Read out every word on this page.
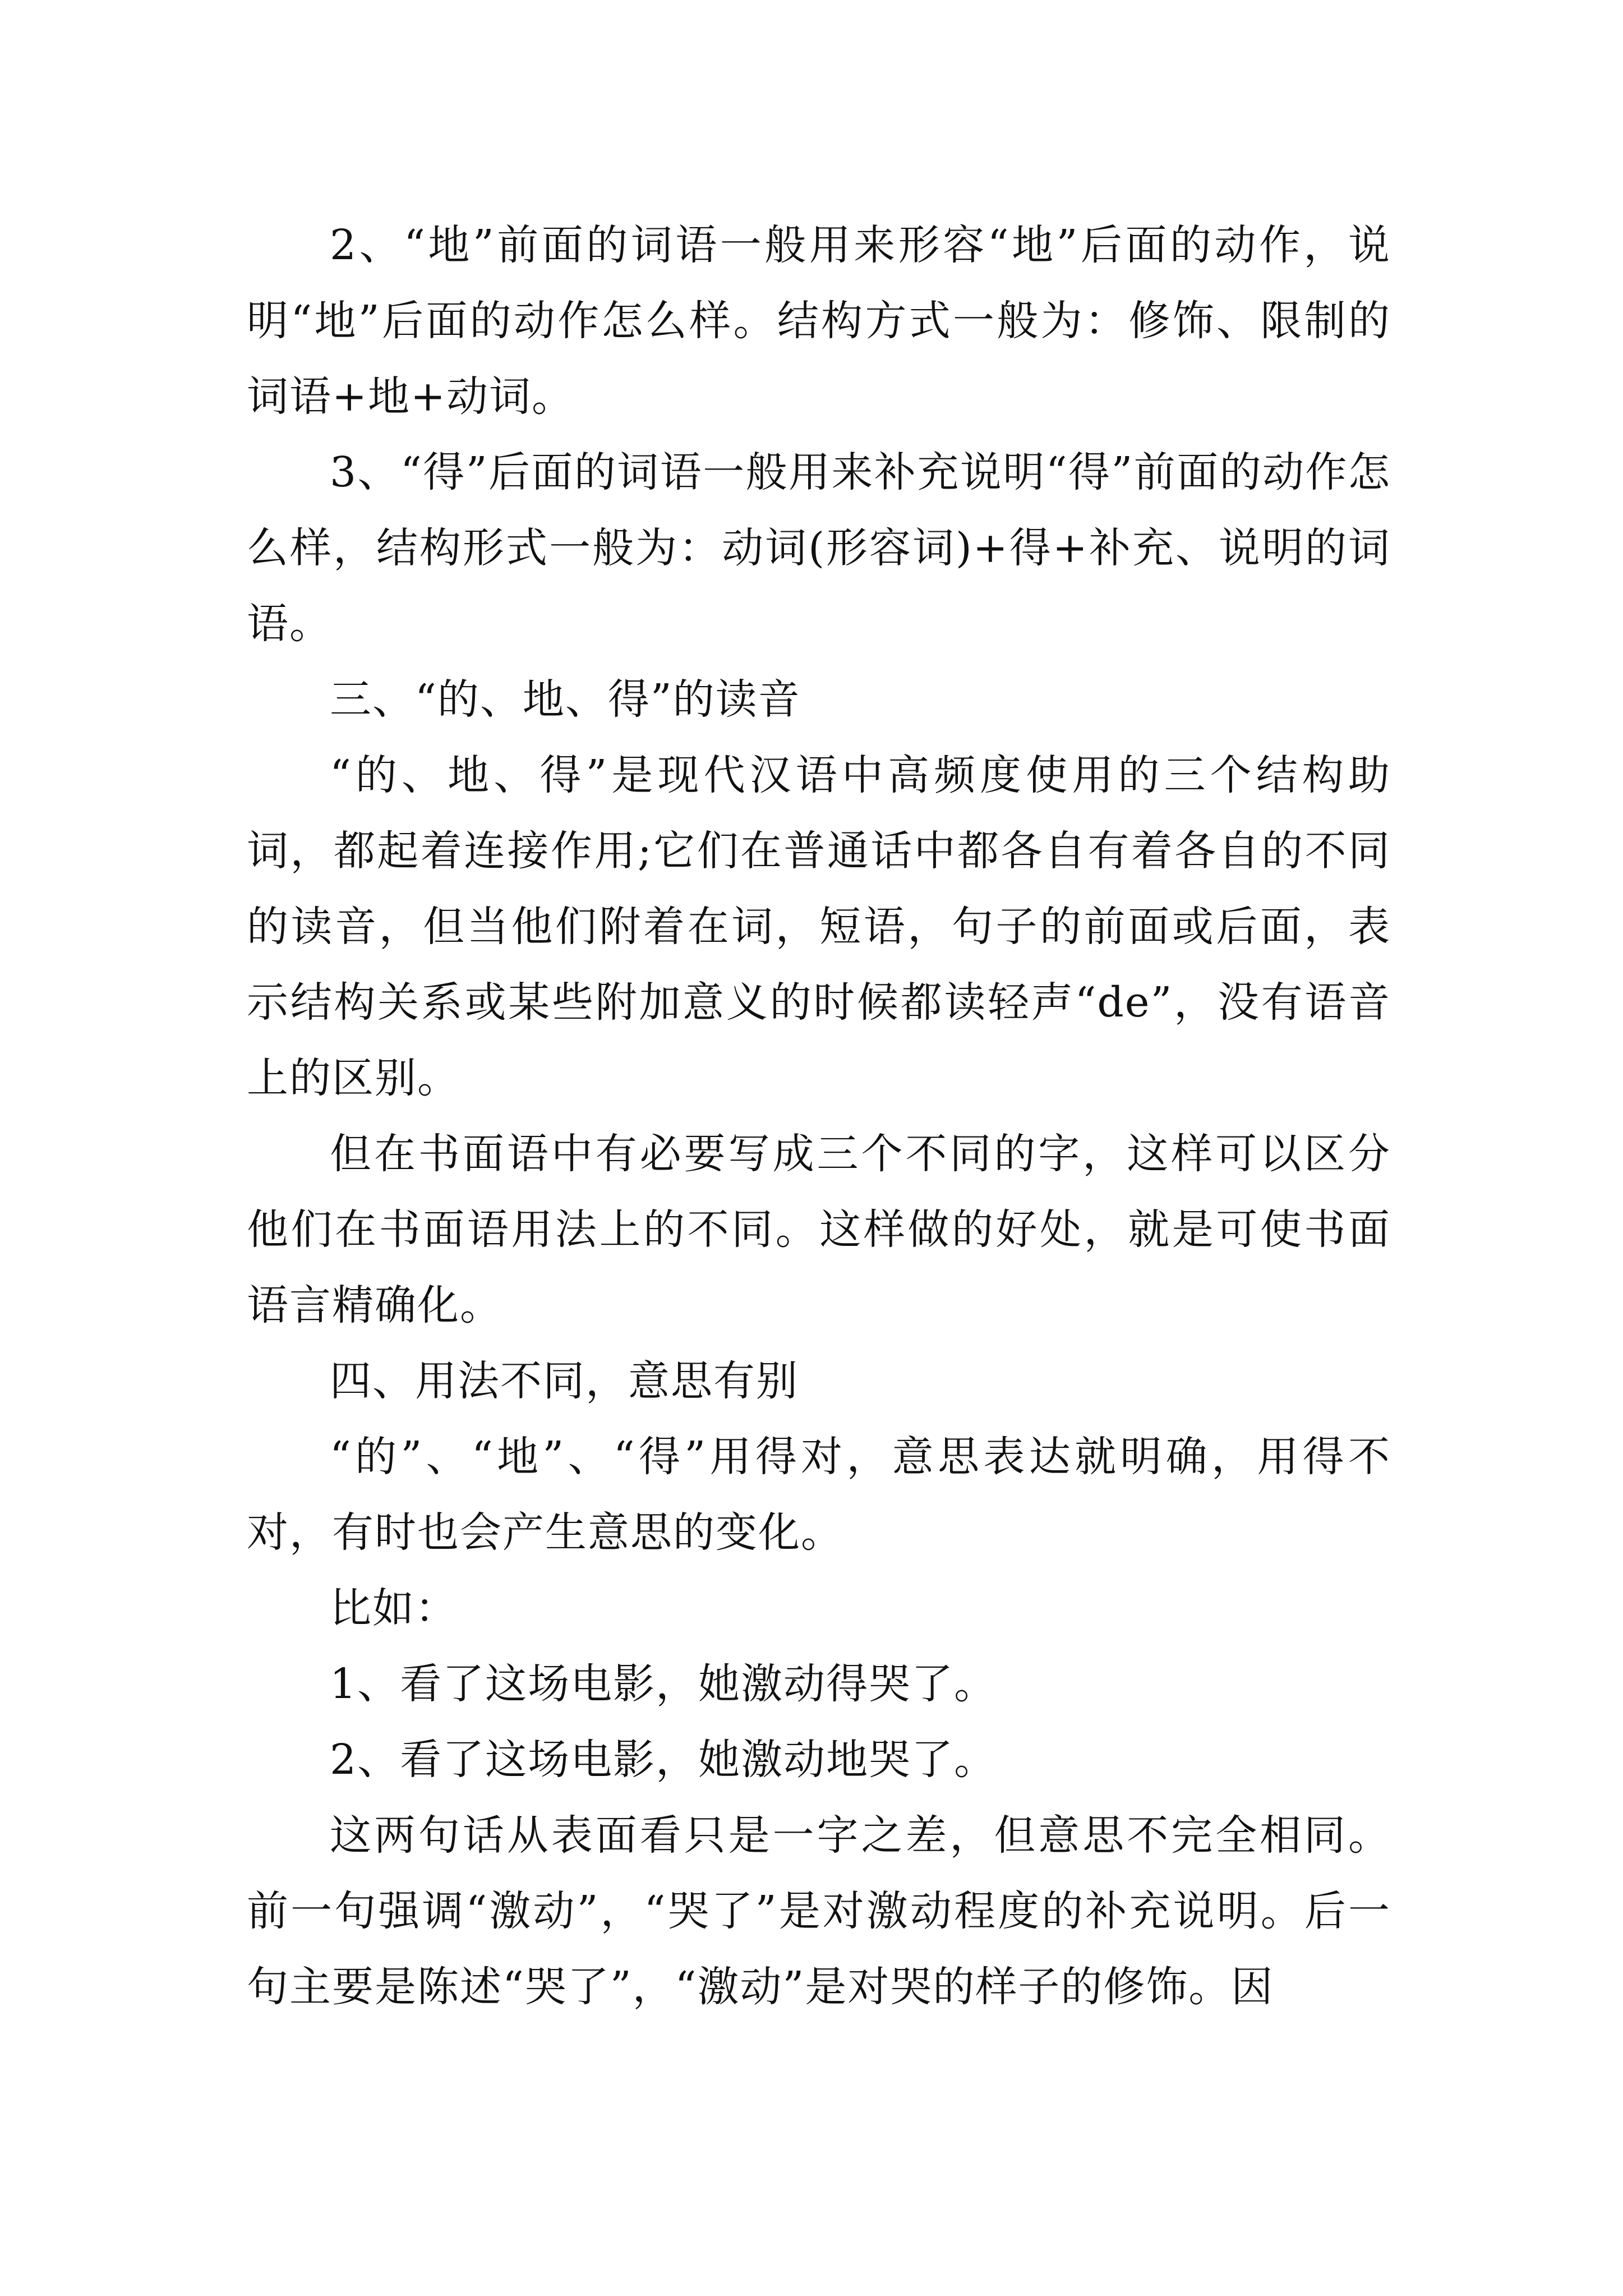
2、“地”前面的词语一般用来形容“地”后面的动作，说明“地”后面的动作怎么样。结构方式一般为：修饰、限制的词语+地+动词。

3、“得”后面的词语一般用来补充说明“得”前面的动作怎么样，结构形式一般为：动词(形容词)+得+补充、说明的词语。

三、“的、地、得”的读音

“的、地、得”是现代汉语中高频度使用的三个结构助词，都起着连接作用;它们在普通话中都各自有着各自的不同的读音，但当他们附着在词，短语，句子的前面或后面，表示结构关系或某些附加意义的时候都读轻声“de”，没有语音上的区别。

但在书面语中有必要写成三个不同的字，这样可以区分他们在书面语用法上的不同。这样做的好处，就是可使书面语言精确化。

四、用法不同，意思有别

“的”、“地”、“得”用得对，意思表达就明确，用得不对，有时也会产生意思的变化。

比如：

1、看了这场电影，她激动得哭了。

2、看了这场电影，她激动地哭了。

这两句话从表面看只是一字之差，但意思不完全相同。前一句强调“激动”，“哭了”是对激动程度的补充说明。后一句主要是陈述“哭了”，“激动”是对哭的样子的修饰。因
